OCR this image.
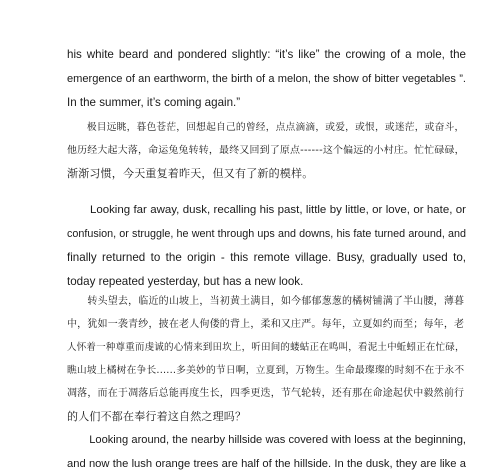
his white beard and pondered slightly: “it’s like” the crowing of a mole, the
emergence of an earthworm, the birth of a melon, the show of bitter vegetables ”.
In the summer, it’s coming again.”
　　极目远眺，暮色苍茫，回想起自己的曾经，点点滴滴，或爱，或恨，或迷茫，或奋斗，
他历经大起大落，命运兔兔转转，最终又回到了原点------这个偏远的小村庄。忙忙碌碌，
渐渐习惯，今天重复着昨天，但又有了新的模样。
  Looking far away, dusk, recalling his past, little by little, or love, or hate, or
confusion, or struggle, he went through ups and downs, his fate turned around, and
finally returned to the origin - this remote village. Busy, gradually used to,
today repeated yesterday, but has a new look.
　　转头望去，临近的山坡上，当初黄土满目，如今郁郁葱葱的橘树铺满了半山腰，薄暮
中，犹如一袭青纱，披在老人佝偻的背上，柔和又庄严。每年，立夏如约而至；每年，老
人怀着一种尊重而虔诚的心情来到田坎上，听田间的蝼蛄正在鸣叫，看泥土中蚯蚓正在忙碌，
瞧山坡上橘树在争长......多美妙的节日啊，立夏到，万物生。生命最璨璨的时刻不在于永不
凋落，而在于凋落后总能再度生长，四季更迭，节气轮转，还有那在命途起伏中毅然前行
的人们不都在奉行着这自然之理吗？
  Looking around, the nearby hillside was covered with loess at the beginning,
and now the lush orange trees are half of the hillside. In the dusk, they are like a
